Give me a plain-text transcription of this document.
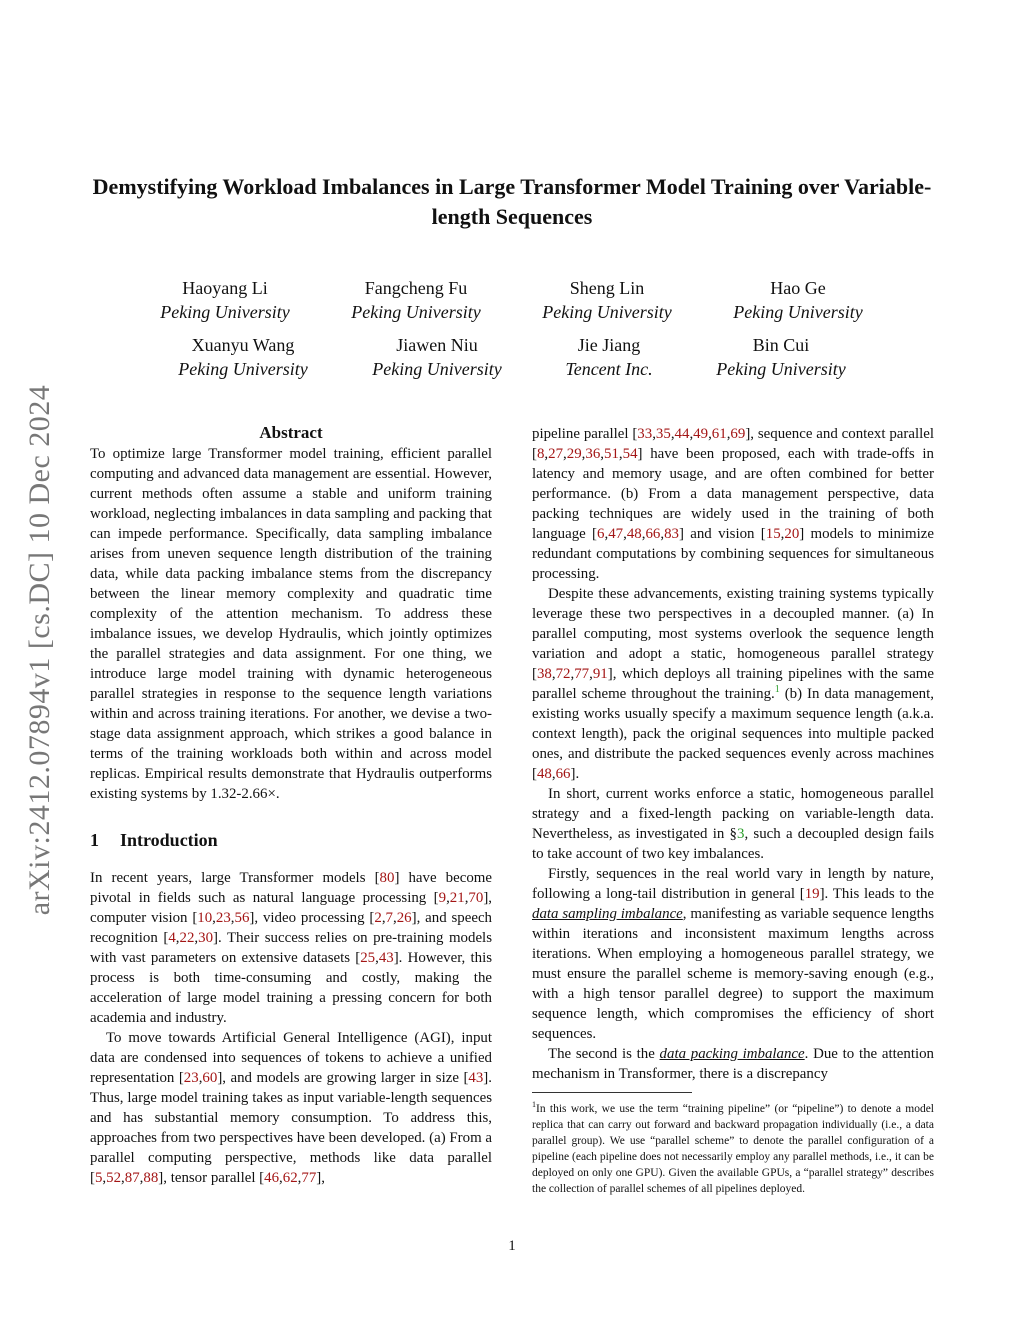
arXiv:2412.07894v1 [cs.DC] 10 Dec 2024
Demystifying Workload Imbalances in Large Transformer Model Training over Variable-length Sequences
Haoyang Li
Peking University
Fangcheng Fu
Peking University
Sheng Lin
Peking University
Hao Ge
Peking University
Xuanyu Wang
Peking University
Jiawen Niu
Peking University
Jie Jiang
Tencent Inc.
Bin Cui
Peking University
Abstract

To optimize large Transformer model training, efficient parallel computing and advanced data management are essential. However, current methods often assume a stable and uniform training workload, neglecting imbalances in data sampling and packing that can impede performance. Specifically, data sampling imbalance arises from uneven sequence length distribution of the training data, while data packing imbalance stems from the discrepancy between the linear memory complexity and quadratic time complexity of the attention mechanism. To address these imbalance issues, we develop Hydraulis, which jointly optimizes the parallel strategies and data assignment. For one thing, we introduce large model training with dynamic heterogeneous parallel strategies in response to the sequence length variations within and across training iterations. For another, we devise a two-stage data assignment approach, which strikes a good balance in terms of the training workloads both within and across model replicas. Empirical results demonstrate that Hydraulis outperforms existing systems by 1.32-2.66×.

1 Introduction

In recent years, large Transformer models [80] have become pivotal in fields such as natural language processing [9,21,70], computer vision [10,23,56], video processing [2,7,26], and speech recognition [4,22,30]. Their success relies on pre-training models with vast parameters on extensive datasets [25,43]. However, this process is both time-consuming and costly, making the acceleration of large model training a pressing concern for both academia and industry.

To move towards Artificial General Intelligence (AGI), input data are condensed into sequences of tokens to achieve a unified representation [23,60], and models are growing larger in size [43]. Thus, large model training takes as input variable-length sequences and has substantial memory consumption. To address this, approaches from two perspectives have been developed. (a) From a parallel computing perspective, methods like data parallel [5,52,87,88], tensor parallel [46,62,77],

pipeline parallel [33,35,44,49,61,69], sequence and context parallel [8,27,29,36,51,54] have been proposed, each with trade-offs in latency and memory usage, and are often combined for better performance. (b) From a data management perspective, data packing techniques are widely used in the training of both language [6,47,48,66,83] and vision [15,20] models to minimize redundant computations by combining sequences for simultaneous processing.

Despite these advancements, existing training systems typically leverage these two perspectives in a decoupled manner. (a) In parallel computing, most systems overlook the sequence length variation and adopt a static, homogeneous parallel strategy [38,72,77,91], which deploys all training pipelines with the same parallel scheme throughout the training.$^1$ (b) In data management, existing works usually specify a maximum sequence length (a.k.a. context length), pack the original sequences into multiple packed ones, and distribute the packed sequences evenly across machines [48,66].

In short, current works enforce a static, homogeneous parallel strategy and a fixed-length packing on variable-length data. Nevertheless, as investigated in §3, such a decoupled design fails to take account of two key imbalances.

Firstly, sequences in the real world vary in length by nature, following a long-tail distribution in general [19]. This leads to the data sampling imbalance, manifesting as variable sequence lengths within iterations and inconsistent maximum lengths across iterations. When employing a homogeneous parallel strategy, we must ensure the parallel scheme is memory-saving enough (e.g., with a high tensor parallel degree) to support the maximum sequence length, which compromises the efficiency of short sequences.

The second is the data packing imbalance. Due to the attention mechanism in Transformer, there is a discrepancy

$^1$In this work, we use the term “training pipeline” (or “pipeline”) to denote a model replica that can carry out forward and backward propagation individually (i.e., a data parallel group). We use “parallel scheme” to denote the parallel configuration of a pipeline (each pipeline does not necessarily employ any parallel methods, i.e., it can be deployed on only one GPU). Given the available GPUs, a “parallel strategy” describes the collection of parallel schemes of all pipelines deployed.
1
